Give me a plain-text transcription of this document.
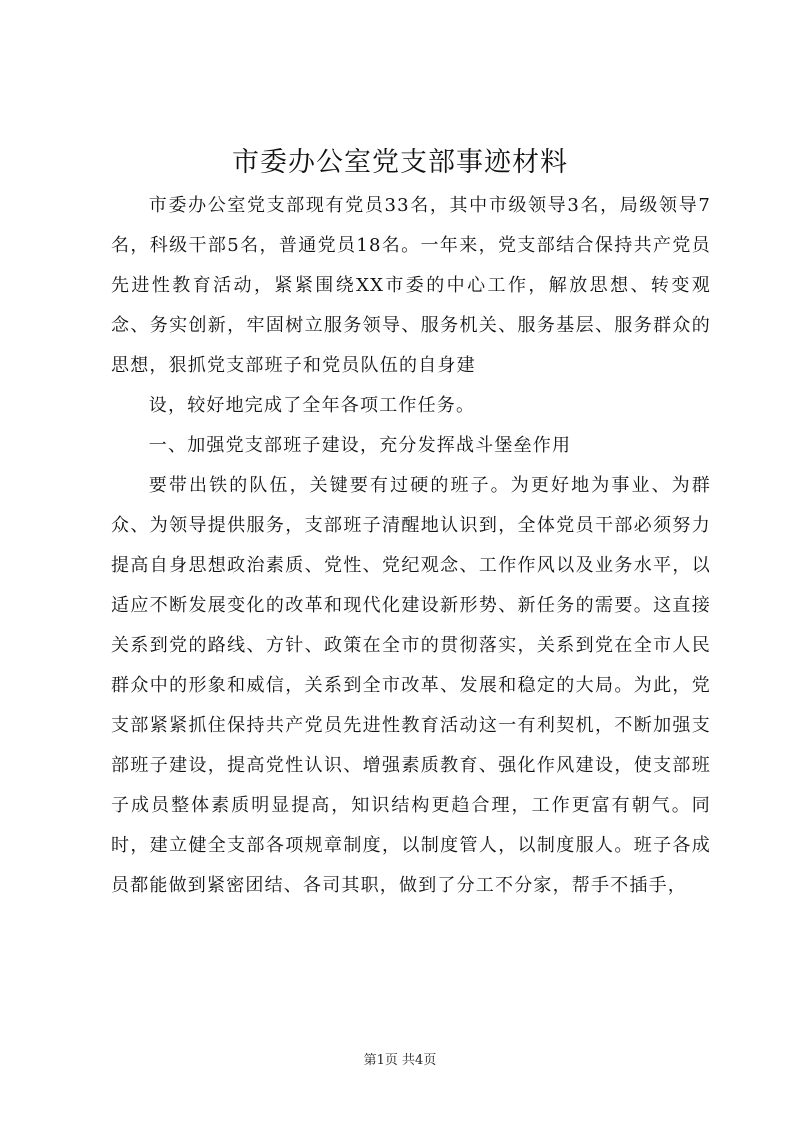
市委办公室党支部事迹材料

市委办公室党支部现有党员33名，其中市级领导3名，局级领导7名，科级干部5名，普通党员18名。一年来，党支部结合保持共产党员先进性教育活动，紧紧围绕XX市委的中心工作，解放思想、转变观念、务实创新，牢固树立服务领导、服务机关、服务基层、服务群众的思想，狠抓党支部班子和党员队伍的自身建

设，较好地完成了全年各项工作任务。

一、加强党支部班子建设，充分发挥战斗堡垒作用

要带出铁的队伍，关键要有过硬的班子。为更好地为事业、为群众、为领导提供服务，支部班子清醒地认识到，全体党员干部必须努力提高自身思想政治素质、党性、党纪观念、工作作风以及业务水平，以适应不断发展变化的改革和现代化建设新形势、新任务的需要。这直接关系到党的路线、方针、政策在全市的贯彻落实，关系到党在全市人民群众中的形象和威信，关系到全市改革、发展和稳定的大局。为此，党支部紧紧抓住保持共产党员先进性教育活动这一有利契机，不断加强支部班子建设，提高党性认识、增强素质教育、强化作风建设，使支部班子成员整体素质明显提高，知识结构更趋合理，工作更富有朝气。同时，建立健全支部各项规章制度，以制度管人，以制度服人。班子各成员都能做到紧密团结、各司其职，做到了分工不分家，帮手不插手，

第1页 共4页
